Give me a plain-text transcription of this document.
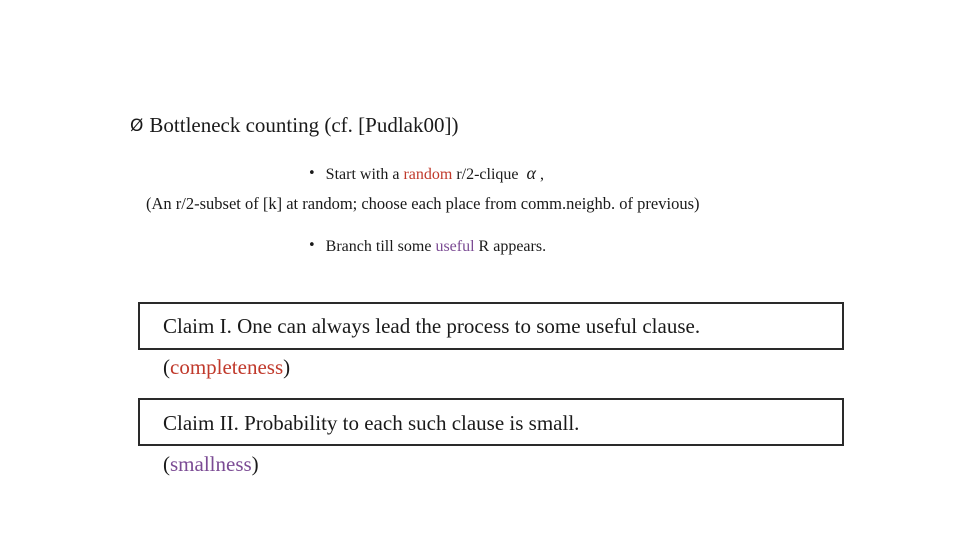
Ø Bottleneck counting (cf. [Pudlak00])
• Start with a random r/2-clique α ,
(An r/2-subset of [k] at random; choose each place from comm.neighb. of previous)
• Branch till some useful R appears.
Claim I. One can always lead the process to some useful clause.
(completeness)
Claim II. Probability to each such clause is small.
(smallness)
